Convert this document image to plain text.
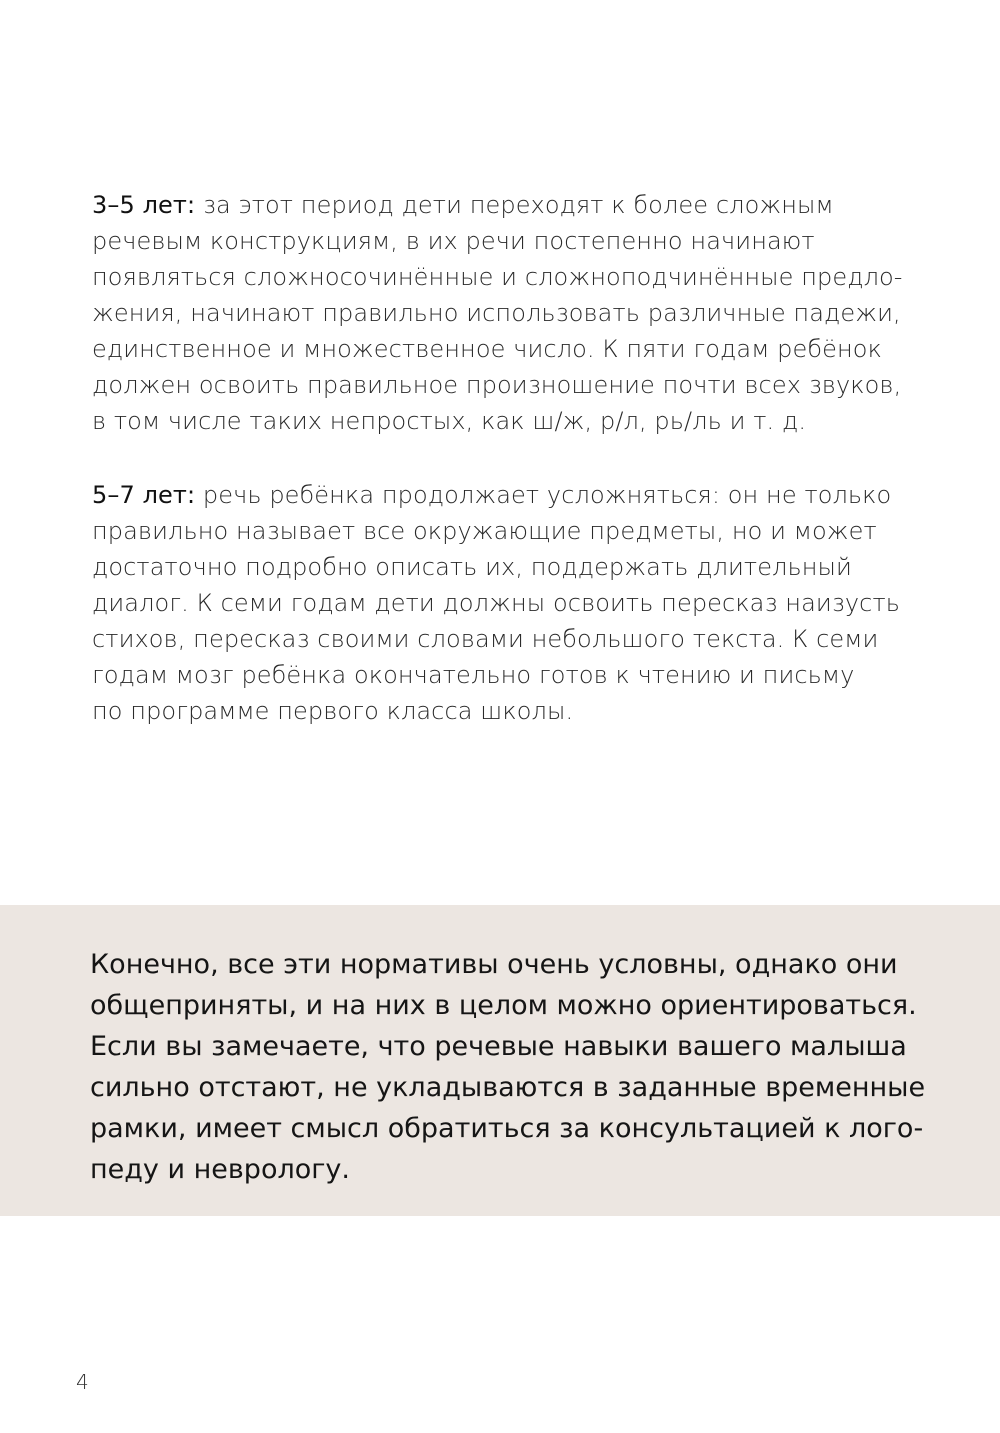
3–5 лет: за этот период дети переходят к более сложным
речевым конструкциям, в их речи постепенно начинают
появляться сложносочинённые и сложноподчинённые предло-
жения, начинают правильно использовать различные падежи,
единственное и множественное число. К пяти годам ребёнок
должен освоить правильное произношение почти всех звуков,
в том числе таких непростых, как ш/ж, р/л, рь/ль и т. д.
5–7 лет: речь ребёнка продолжает усложняться: он не только
правильно называет все окружающие предметы, но и может
достаточно подробно описать их, поддержать длительный
диалог. К семи годам дети должны освоить пересказ наизусть
стихов, пересказ своими словами небольшого текста. К семи
годам мозг ребёнка окончательно готов к чтению и письму
по программе первого класса школы.
Конечно, все эти нормативы очень условны, однако они
общеприняты, и на них в целом можно ориентироваться.
Если вы замечаете, что речевые навыки вашего малыша
сильно отстают, не укладываются в заданные временные
рамки, имеет смысл обратиться за консультацией к лого-
педу и неврологу.
4
